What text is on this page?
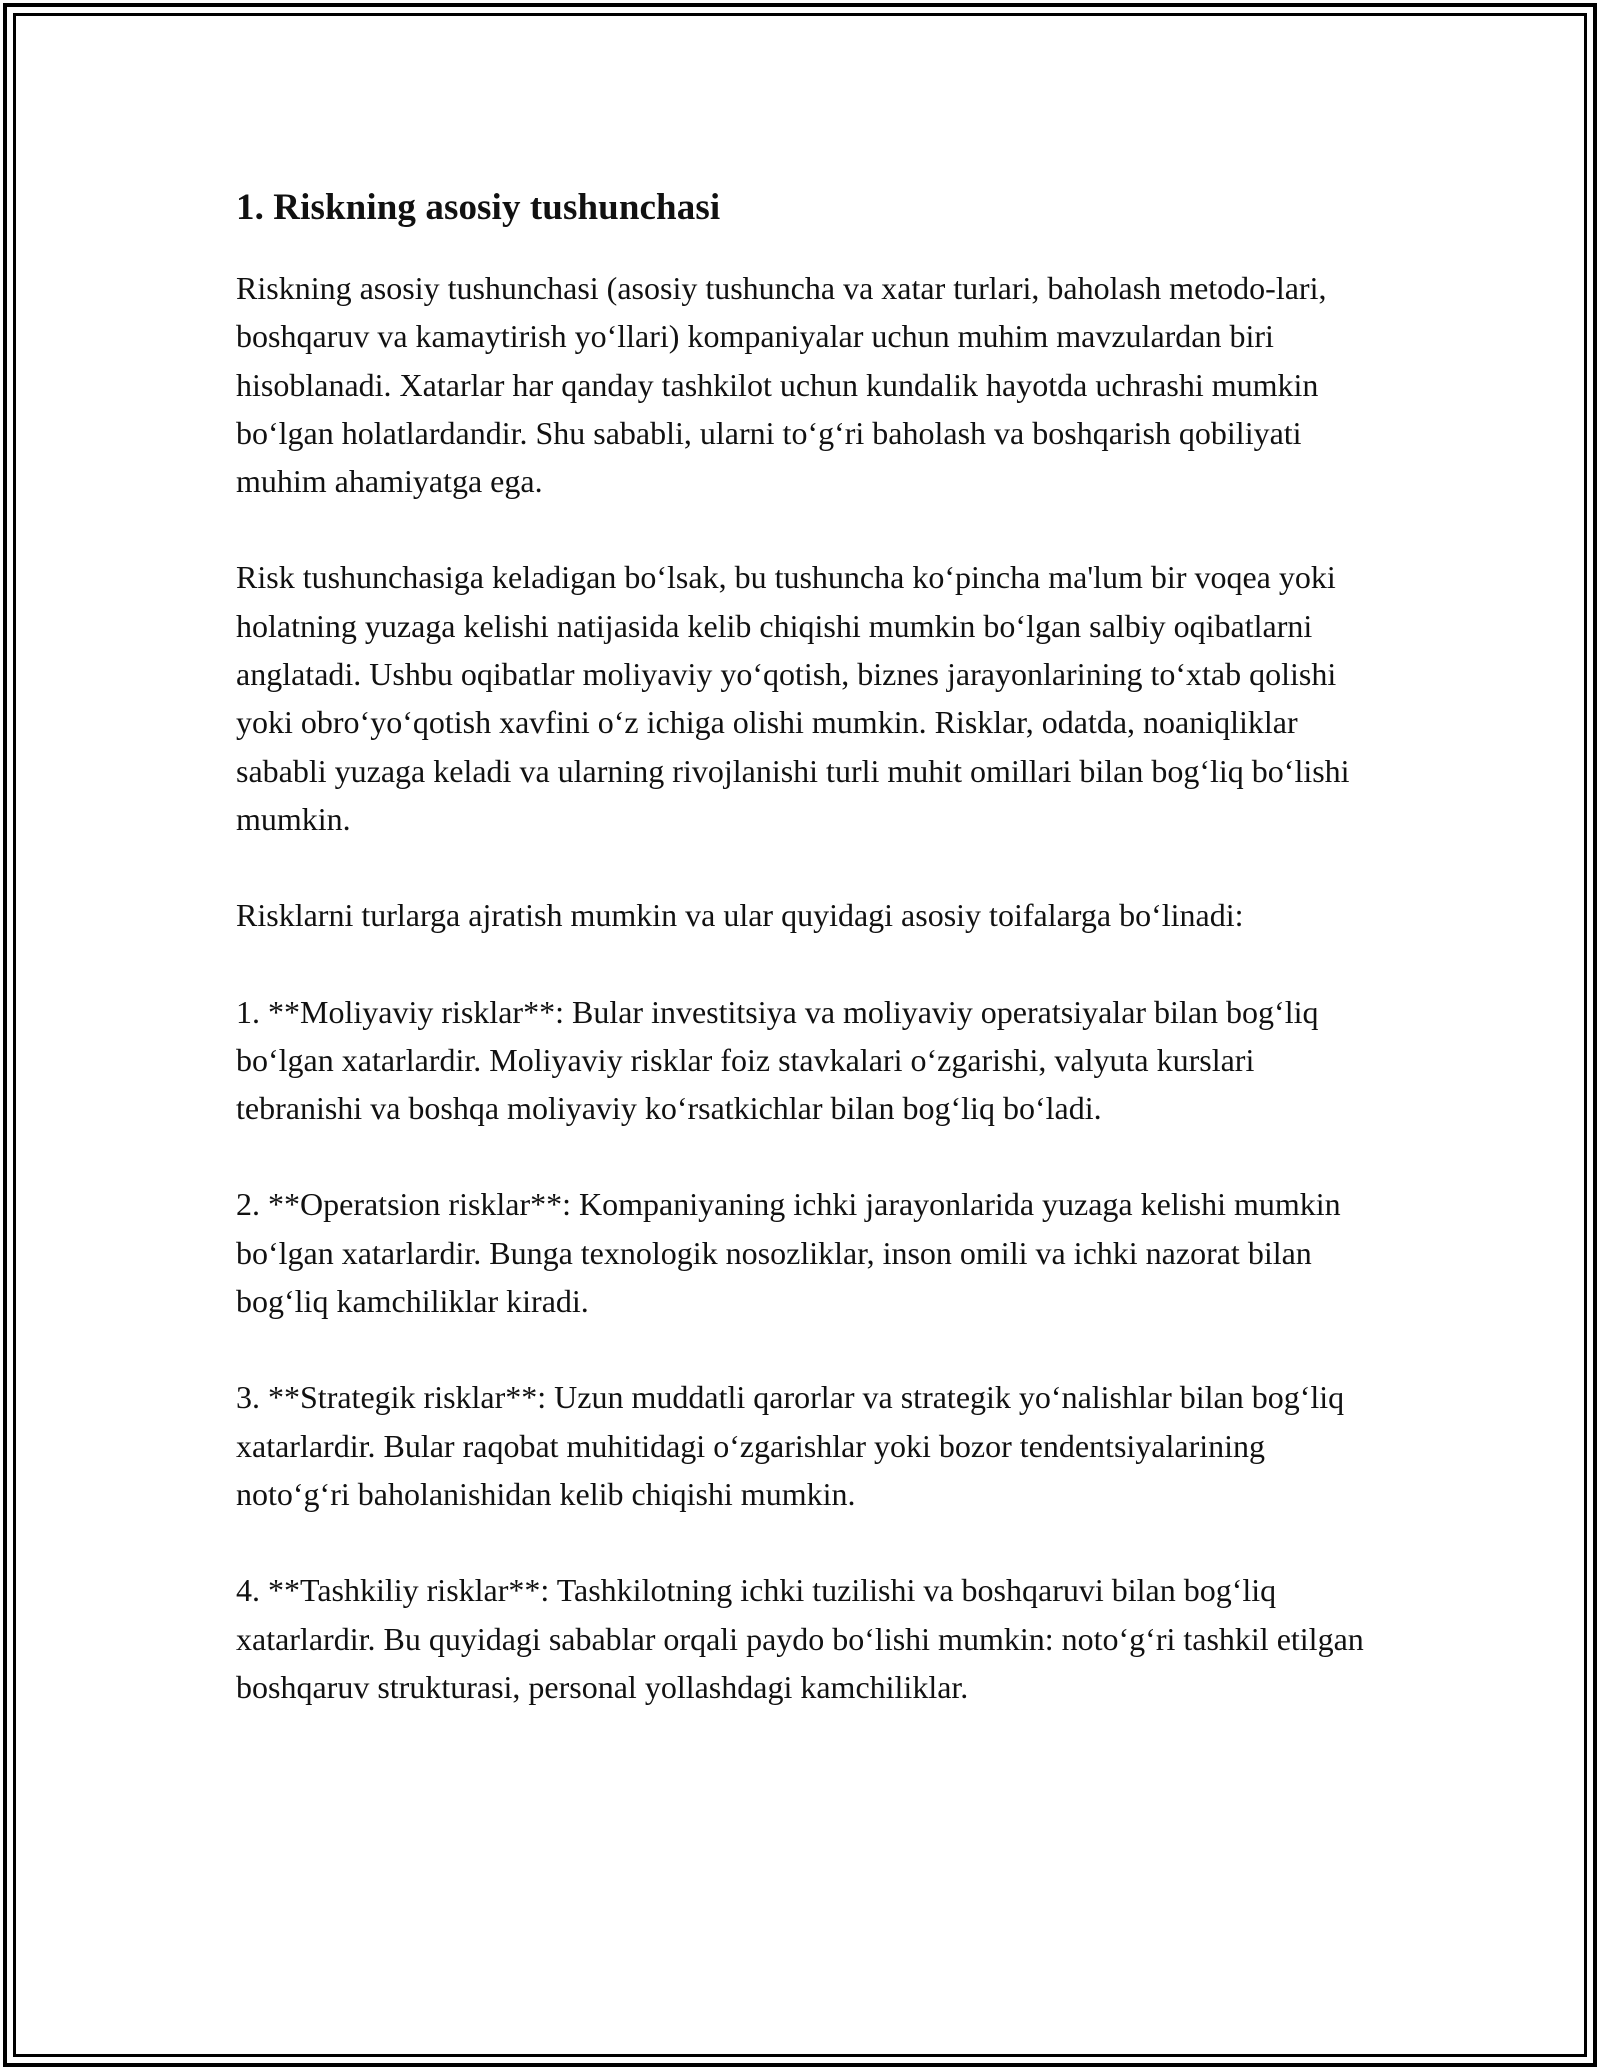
1. Riskning asosiy tushunchasi

Riskning asosiy tushunchasi (asosiy tushuncha va xatar turlari, baholash metodo-lari, boshqaruv va kamaytirish yo‘llari) kompaniyalar uchun muhim mavzulardan biri hisoblanadi. Xatarlar har qanday tashkilot uchun kundalik hayotda uchrashi mumkin bo‘lgan holatlardandir. Shu sababli, ularni to‘g‘ri baholash va boshqarish qobiliyati muhim ahamiyatga ega.

Risk tushunchasiga keladigan bo‘lsak, bu tushuncha ko‘pincha ma'lum bir voqea yoki holatning yuzaga kelishi natijasida kelib chiqishi mumkin bo‘lgan salbiy oqibatlarni anglatadi. Ushbu oqibatlar moliyaviy yo‘qotish, biznes jarayonlarining to‘xtab qolishi yoki obro‘yo‘qotish xavfini o‘z ichiga olishi mumkin. Risklar, odatda, noaniqliklar sababli yuzaga keladi va ularning rivojlanishi turli muhit omillari bilan bog‘liq bo‘lishi mumkin.

Risklarni turlarga ajratish mumkin va ular quyidagi asosiy toifalarga bo‘linadi:

1. **Moliyaviy risklar**: Bular investitsiya va moliyaviy operatsiyalar bilan bog‘liq bo‘lgan xatarlardir. Moliyaviy risklar foiz stavkalari o‘zgarishi, valyuta kurslari tebranishi va boshqa moliyaviy ko‘rsatkichlar bilan bog‘liq bo‘ladi.

2. **Operatsion risklar**: Kompaniyaning ichki jarayonlarida yuzaga kelishi mumkin bo‘lgan xatarlardir. Bunga texnologik nosozliklar, inson omili va ichki nazorat bilan bog‘liq kamchiliklar kiradi.

3. **Strategik risklar**: Uzun muddatli qarorlar va strategik yo‘nalishlar bilan bog‘liq xatarlardir. Bular raqobat muhitidagi o‘zgarishlar yoki bozor tendentsiyalarining noto‘g‘ri baholanishidan kelib chiqishi mumkin.

4. **Tashkiliy risklar**: Tashkilotning ichki tuzilishi va boshqaruvi bilan bog‘liq xatarlardir. Bu quyidagi sabablar orqali paydo bo‘lishi mumkin: noto‘g‘ri tashkil etilgan boshqaruv strukturasi, personal yollashdagi kamchiliklar.
